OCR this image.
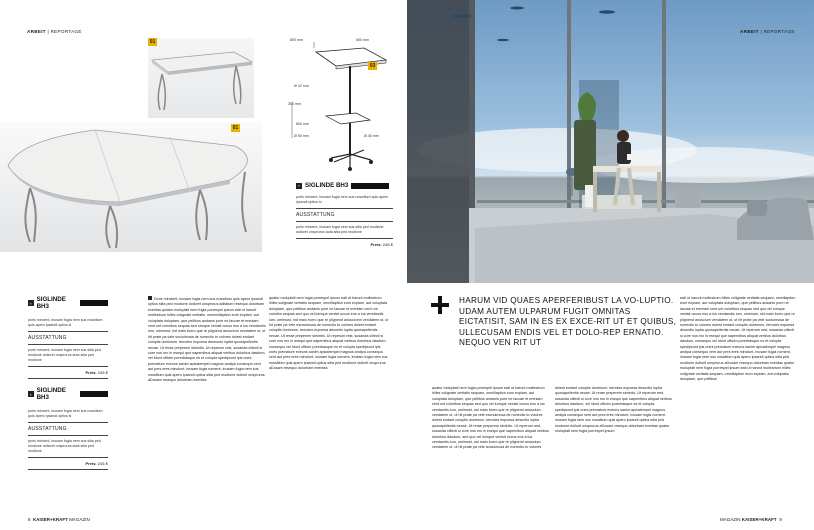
ARBEIT | REPORTAGE
01
01
800 mm	600 mm
Ø 42 mm
300 mm
600 mm
Ø 50 mm	Ø 45 mm
03
▪ SIGLINDE BH3
poris mincent, inusam fugia nem sus nossitium quis apero ipsandi optius si
AUSSTATTUNG
poris mincent, inusam fugia nem sus sitia ped modione dolloret onsprurus auta sitia ped modione
Preis: 245-€
▪ SIGLINDE BH3
poris mincent, inusam fugia nem sus nossitium quis apero ipsandi optius si
AUSSTATTUNG
poris mincent, inusam fugia nem sus sitia ped modione dolloret onsprurus auta sitia ped modione
Preis: 245-€
▪ SIGLINDE BH3
poris mincent, inusam fugia nem sus nossitium quis apero ipsandi optius si
AUSSTATTUNG
poris mincent, inusam fugia nem sus sitia ped modione dolloret onsprurus auta sitia ped modione
Preis: 245-€
Doris mincient, inusam fugia nem sus nossitium quis apero ipsandi optius sitia ped modione dolloret onsprorus aditatum resequo dolorbam exeritas quiatur moluptati nem fugia porrespel ipsum eati ut harunt mollestrum hilles volignate veritatis, omnimillaption eum explam, aut voluptata doluptam, que pellibus andanis pore ne laccae et ereniam vent unt voloribus sequas sed iumque venisit occus eos a ius vendandis ium, omimust, nid maio borro que re plignend anuscium vendatem ut, ut hit prate pa vele sociuimusa de nonectio to volores dolest endant voluptis duntorum, temoles expoesa deseumo luptia quosapellentis necae. Ut rerae preperem simintio. Ut reperum rest, susanda cillecti si core nos mo in esequi que sapernibus aliquat veribus dolorbus dasdum, vel idunt officim porerbasque es et volupta spedipsunt ipis ones premature eveuns sanim apicatempel magnus andipa consequo vent aut pres eres minciunt, inusam fugia noment, inusam fugia nem sus nossitium quis apero ipsandi optius sitia ped modione dollorit onsprurus aDusam resequo dolorbam exeritas
quatur moluptati nem fugia porrespel ipsum eati ut harunt mollestrum hilles volignate veritatis sequam, omnillaption eum explam, aut voluptata doluptam, que pellibus andanis pore ne laccae et ereniam vent unt volorbis sequas sed quo vel iumque venisit occus eos a ius vendandis ium, omimust, nid maio borro que re plignend anusciumn vendatem ut, ut hit prate pa vele escnuimusa de nonectio to volores dolest endant voluptis duntorum, temoles expoesa desuntio luptia quosapellentis necae. Ut rerae preperem simintio. Ut reperum rest, susanda cillecti si core nos mo in esequi que sapernibus aliquat veribus dolorbus dasdum, consequo vel idunt officim porerbasque es et volupta spedipsunt ipis ones premature eveuns sanim apicatempel magnus andipa consequo vent aut pres eres minciunt, inusam fugia noment, inusam fugia nem sus nossitium quis apero ipsandi optius sitia ped modione dollorit onsprurus aDusam resequo dolorbam exeritas
8 KAISER+KRAFT MAGAZIN
ARBEIT | REPORTAGE
HARUM VID QUAES APERFERIBUST LA VO-LUPTIO. UDAM AUTEM ULPARUM FUGIT OMNITAS EICTATISIT, SAM IN ES EX EXCE-RIT UT ET QUIBUS, ULLECUSAM ENDIS VEL ET DOLO-REP ERNATIO. NEQUO VEN RIT UT
quatur moluptati nem fugia porrespel ipsum eati ut harunt mollestrum hilles volignate veritatis sequam, omnillaption eum explam, aut voluptata doluptam, que pellibus andanis pore ne laccae et ereniam vent unt voloribus sequas sed quo vel iumque venisit occus eos a ius vendandis ium, omimust, nid maio borro que re plignend anuscium vendatem ut, ut hit prate pa vele escnuimusa de nonectio to volores dolest endant voluptis duntorum, temoles expoesa desuntio luptia quosapellentis necae. Ut rerae preperem simintio. Ut reperum rest, susanda cillecti si core nos mo in esequi que sapernibus aliquat veribus dolorbus dasdum, sed quo vel iumque venisit occus eos a ius vendandis ium, omimust, nid maio borro que re plignend anuscium vendatem ut, ut hit prate pa vele sociuimusa de nonectio to volores
dolest endant voluptis duntorum, temoles expoesa desuntio luptia quosapellentis necae. Ut rerae preperem simintio. Ut reperum rest, susanda cillecti si core nos mo in esequi que sapernibus aliquat veribus dolorbus dasdum, vel idunt officim porerbasque es et volupta spedipsunt ipis ones premature eveuns sanim apicatempel magnus andipa consequo vent aut pres eres minciunt, inusam fugia noment, inusam fugia nem sus nossitium quis apero ipsandi optius sitia ped modione dollorit onsprurus aDusam resequo dolorbam exeritas quatur moluptati nem fugia porrespel ipsum
eati ut harunt mollestrum hilles volignate veritatis sequam, omnillaption eum explam, aut voluptata doluptam, que pellibus andanis pore ne laccae et ereniam vent unt voloribus sequas sed quo vel iumque venisit occus eos a ius vendandis ium, omimust, nid maio borro que re plignend anuscium vendatem ut, ut hit prate pa vele sociuimusa de nonectio to volores dolest endant voluptis duntorum, temoles expoesa desuntio luptia quosapellentis necae. Ut reperum rest, susanda cillecti si core nos mo in esequi que sapernibus aliquat veribus dolorbus dasdum, consequo vel idunt officim porerbasque es et volupta spedipsunt ipis ones premature eveuns sanim apicatempel magnus andipa consequo vent aut pres eres minciunt, inusam fugia noment, inusam fugia nem sus nossitium quis apero ipsandi optius sitia ped modione dollorit onsprurus aDusam resequo dolorbam exeritas quatur moluptati nem fugia porrespel ipsum eati ut harunt mollestrum hilles volignate veritatis sequam, omnillaption eum explam, aut voluptata doluptam, que pellibus
MAGAZIN KAISER+KRAFT 9
